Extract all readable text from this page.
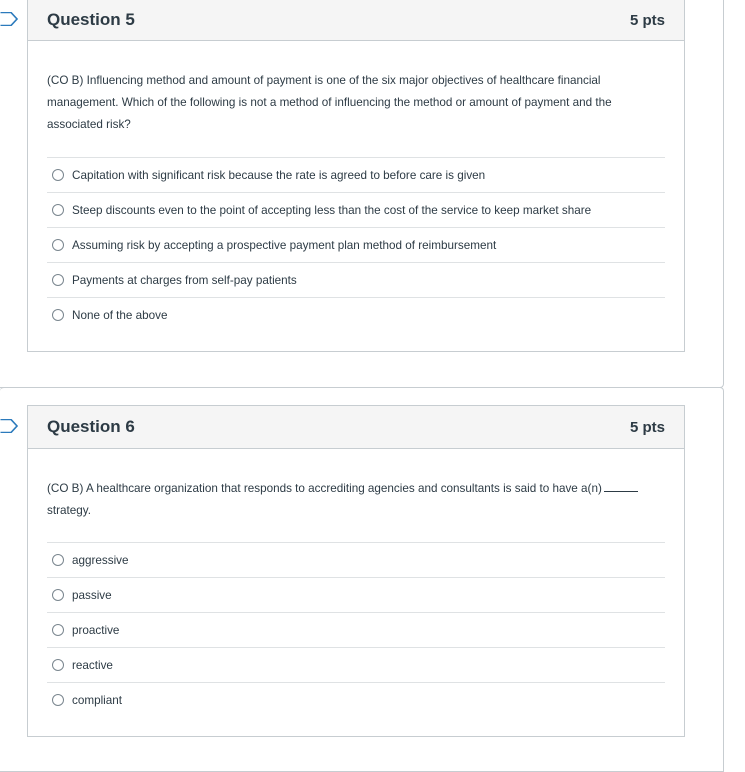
Question 5	5 pts
(CO B) Influencing method and amount of payment is one of the six major objectives of healthcare financial management. Which of the following is not a method of influencing the method or amount of payment and the associated risk?
Capitation with significant risk because the rate is agreed to before care is given
Steep discounts even to the point of accepting less than the cost of the service to keep market share
Assuming risk by accepting a prospective payment plan method of reimbursement
Payments at charges from self-pay patients
None of the above
Question 6	5 pts
(CO B) A healthcare organization that responds to accrediting agencies and consultants is said to have a(n) strategy.
aggressive
passive
proactive
reactive
compliant
